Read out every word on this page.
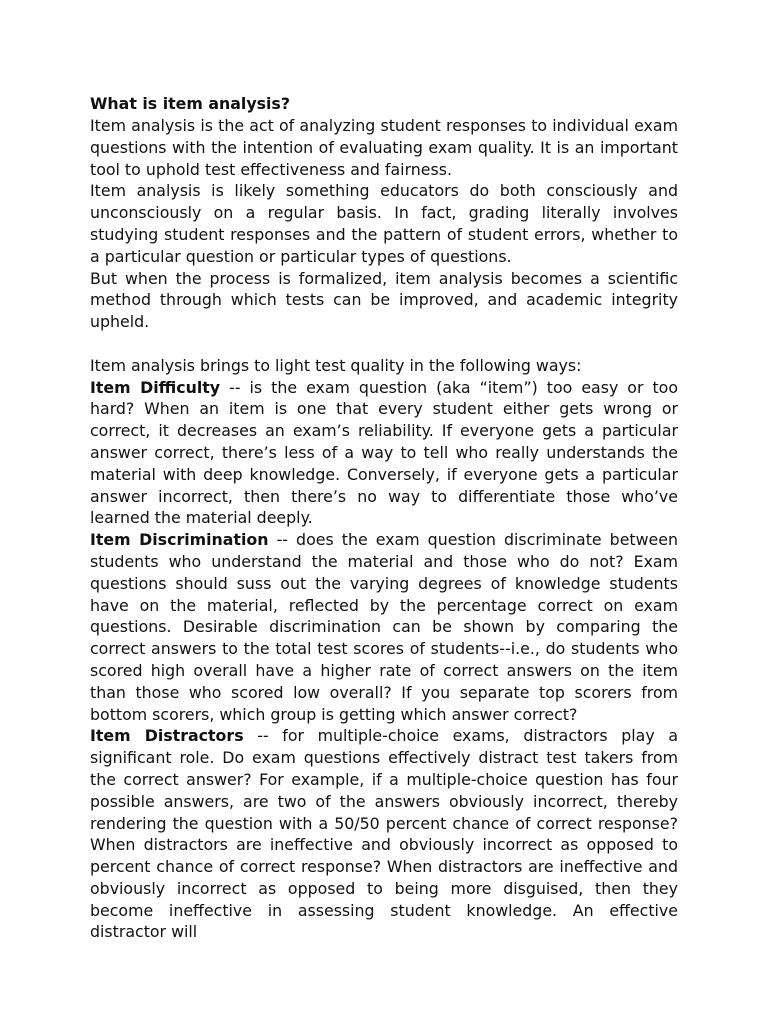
What is item analysis?

Item analysis is the act of analyzing student responses to individual exam questions with the intention of evaluating exam quality. It is an important tool to uphold test effectiveness and fairness.

Item analysis is likely something educators do both consciously and unconsciously on a regular basis. In fact, grading literally involves studying student responses and the pattern of student errors, whether to a particular question or particular types of questions.

But when the process is formalized, item analysis becomes a scientific method through which tests can be improved, and academic integrity upheld.

Item analysis brings to light test quality in the following ways:

Item Difficulty -- is the exam question (aka “item”) too easy or too hard? When an item is one that every student either gets wrong or correct, it decreases an exam’s reliability. If everyone gets a particular answer correct, there’s less of a way to tell who really understands the material with deep knowledge. Conversely, if everyone gets a particular answer incorrect, then there’s no way to differentiate those who’ve learned the material deeply.

Item Discrimination -- does the exam question discriminate between students who understand the material and those who do not? Exam questions should suss out the varying degrees of knowledge students have on the material, reflected by the percentage correct on exam questions. Desirable discrimination can be shown by comparing the correct answers to the total test scores of students--i.e., do students who scored high overall have a higher rate of correct answers on the item than those who scored low overall? If you separate top scorers from bottom scorers, which group is getting which answer correct?

Item Distractors -- for multiple-choice exams, distractors play a significant role. Do exam questions effectively distract test takers from the correct answer? For example, if a multiple-choice question has four possible answers, are two of the answers obviously incorrect, thereby rendering the question with a 50/50 percent chance of correct response? When distractors are ineffective and obviously incorrect as opposed to percent chance of correct response? When distractors are ineffective and obviously incorrect as opposed to being more disguised, then they become ineffective in assessing student knowledge. An effective distractor will
